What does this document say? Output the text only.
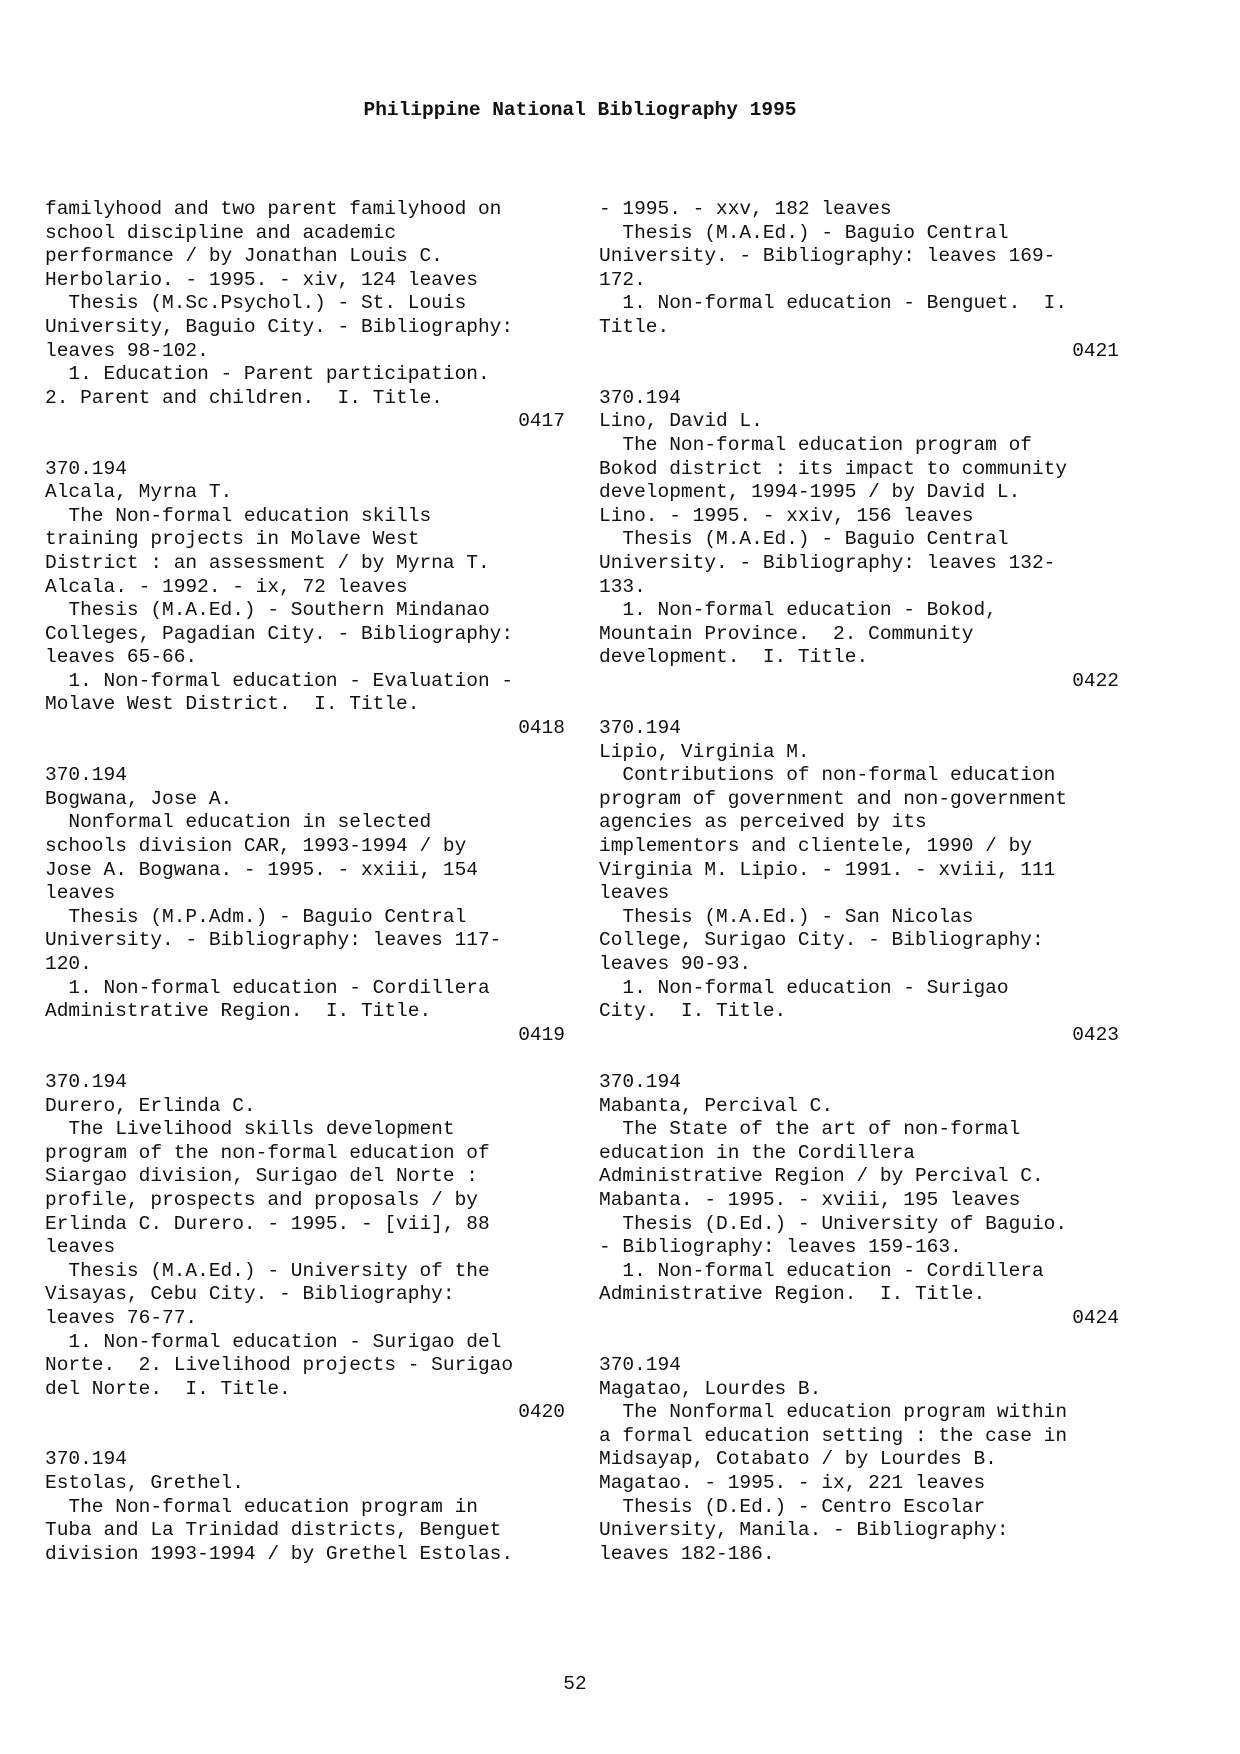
Philippine National Bibliography 1995
familyhood and two parent familyhood on
school discipline and academic
performance / by Jonathan Louis C.
Herbolario. - 1995. - xiv, 124 leaves
Thesis (M.Sc.Psychol.) - St. Louis
University, Baguio City. - Bibliography:
leaves 98-102.
1. Education - Parent participation.
2. Parent and children.  I. Title.
0417
370.194
Alcala, Myrna T.
The Non-formal education skills
training projects in Molave West
District : an assessment / by Myrna T.
Alcala. - 1992. - ix, 72 leaves
Thesis (M.A.Ed.) - Southern Mindanao
Colleges, Pagadian City. - Bibliography:
leaves 65-66.
1. Non-formal education - Evaluation -
Molave West District.  I. Title.
0418
370.194
Bogwana, Jose A.
Nonformal education in selected
schools division CAR, 1993-1994 / by
Jose A. Bogwana. - 1995. - xxiii, 154
leaves
Thesis (M.P.Adm.) - Baguio Central
University. - Bibliography: leaves 117-
120.
1. Non-formal education - Cordillera
Administrative Region.  I. Title.
0419
370.194
Durero, Erlinda C.
The Livelihood skills development
program of the non-formal education of
Siargao division, Surigao del Norte :
profile, prospects and proposals / by
Erlinda C. Durero. - 1995. - [vii], 88
leaves
Thesis (M.A.Ed.) - University of the
Visayas, Cebu City. - Bibliography:
leaves 76-77.
1. Non-formal education - Surigao del
Norte.  2. Livelihood projects - Surigao
del Norte.  I. Title.
0420
370.194
Estolas, Grethel.
The Non-formal education program in
Tuba and La Trinidad districts, Benguet
division 1993-1994 / by Grethel Estolas.
- 1995. - xxv, 182 leaves
Thesis (M.A.Ed.) - Baguio Central
University. - Bibliography: leaves 169-
172.
1. Non-formal education - Benguet.  I.
Title.
0421
370.194
Lino, David L.
The Non-formal education program of
Bokod district : its impact to community
development, 1994-1995 / by David L.
Lino. - 1995. - xxiv, 156 leaves
Thesis (M.A.Ed.) - Baguio Central
University. - Bibliography: leaves 132-
133.
1. Non-formal education - Bokod,
Mountain Province.  2. Community
development.  I. Title.
0422
370.194
Lipio, Virginia M.
Contributions of non-formal education
program of government and non-government
agencies as perceived by its
implementors and clientele, 1990 / by
Virginia M. Lipio. - 1991. - xviii, 111
leaves
Thesis (M.A.Ed.) - San Nicolas
College, Surigao City. - Bibliography:
leaves 90-93.
1. Non-formal education - Surigao
City.  I. Title.
0423
370.194
Mabanta, Percival C.
The State of the art of non-formal
education in the Cordillera
Administrative Region / by Percival C.
Mabanta. - 1995. - xviii, 195 leaves
Thesis (D.Ed.) - University of Baguio.
- Bibliography: leaves 159-163.
1. Non-formal education - Cordillera
Administrative Region.  I. Title.
0424
370.194
Magatao, Lourdes B.
The Nonformal education program within
a formal education setting : the case in
Midsayap, Cotabato / by Lourdes B.
Magatao. - 1995. - ix, 221 leaves
Thesis (D.Ed.) - Centro Escolar
University, Manila. - Bibliography:
leaves 182-186.
52
